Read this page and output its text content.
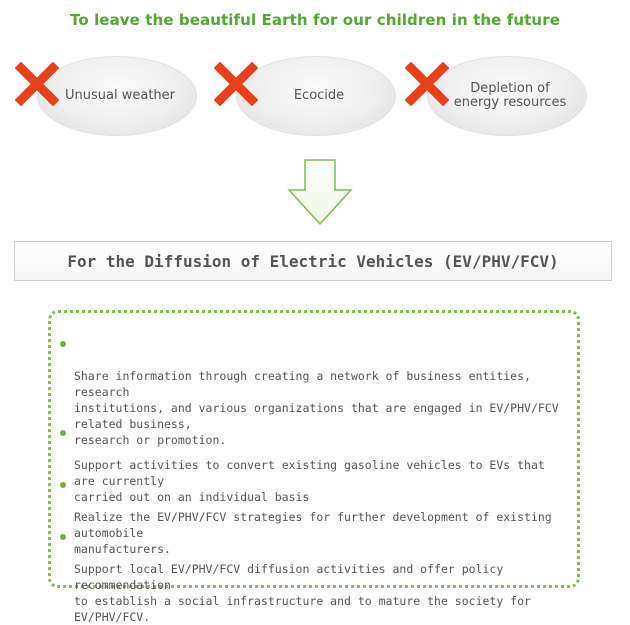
To leave the beautiful Earth for our children in the future
Unusual weather	Ecocide	Depletion of
energy resources
For the Diffusion of Electric Vehicles (EV/PHV/FCV)

Share information through creating a network of business entities, research
institutions, and various organizations that are engaged in EV/PHV/FCV
related business,
research or promotion.

Support activities to convert existing gasoline vehicles to EVs that are currently
carried out on an individual basis

Realize the EV/PHV/FCV strategies for further development of existing automobile
manufacturers.

Support local EV/PHV/FCV diffusion activities and offer policy recommendation
to establish a social infrastructure and to mature the society for EV/PHV/FCV.
